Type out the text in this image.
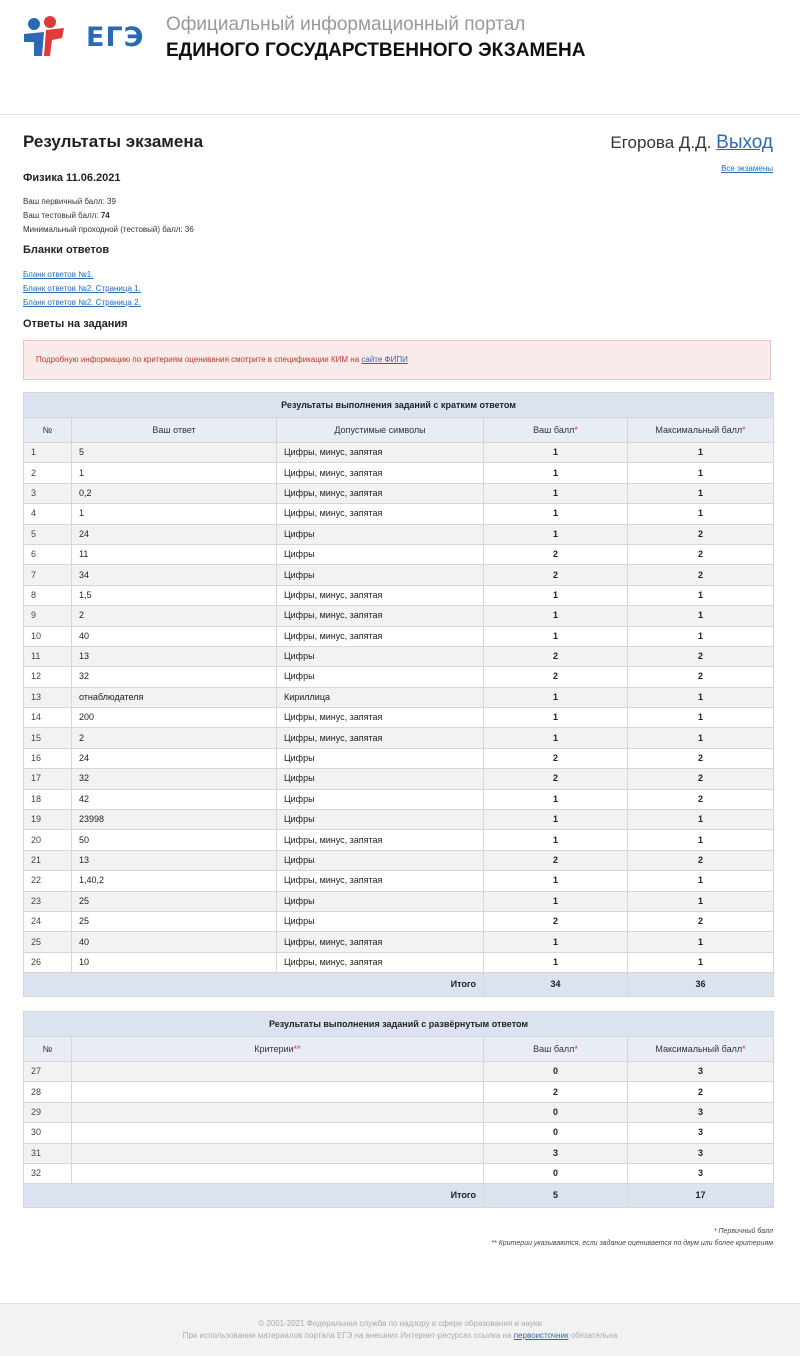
ЕГЭ Официальный информационный портал
ЕДИНОГО ГОСУДАРСТВЕННОГО ЭКЗАМЕНА
Результаты экзамена	Егорова Д.Д. Выход
Все экзамены
Физика 11.06.2021
Ваш первичный балл: 39
Ваш тестовый балл: 74
Минимальный проходной (тестовый) балл: 36
Бланки ответов
Бланк ответов №1.
Бланк ответов №2. Страница 1.
Бланк ответов №2. Страница 2.
Ответы на задания
Подробную информацию по критериям оценивания смотрите в спецификации КИМ на сайте ФИПИ
Результаты выполнения заданий с кратким ответом				
№	Ваш ответ	Допустимые символы	Ваш балл*	Максимальный балл*
1	5	Цифры, минус, запятая	1	1
2	1	Цифры, минус, запятая	1	1
3	0,2	Цифры, минус, запятая	1	1
4	1	Цифры, минус, запятая	1	1
5	24	Цифры	1	2
6	11	Цифры	2	2
7	34	Цифры	2	2
8	1,5	Цифры, минус, запятая	1	1
9	2	Цифры, минус, запятая	1	1
10	40	Цифры, минус, запятая	1	1
11	13	Цифры	2	2
12	32	Цифры	2	2
13	отнаблюдателя	Кириллица	1	1
14	200	Цифры, минус, запятая	1	1
15	2	Цифры, минус, запятая	1	1
16	24	Цифры	2	2
17	32	Цифры	2	2
18	42	Цифры	1	2
19	23998	Цифры	1	1
20	50	Цифры, минус, запятая	1	1
21	13	Цифры	2	2
22	1,40,2	Цифры, минус, запятая	1	1
23	25	Цифры	1	1
24	25	Цифры	2	2
25	40	Цифры, минус, запятая	1	1
26	10	Цифры, минус, запятая	1	1
Итого			34	36
Результаты выполнения заданий с развёрнутым ответом			
№	Критерии**	Ваш балл*	Максимальный балл*
27		0	3
28		2	2
29		0	3
30		0	3
31		3	3
32		0	3
Итого		5	17
* Первичный балл
** Критерии указываются, если задание оценивается по двум или более критериям
© 2001-2021 Федеральная служба по надзору в сфере образования и науки
При использовании материалов портала ЕГЭ на внешних Интернет-ресурсах ссылка на первоисточник обязательна
